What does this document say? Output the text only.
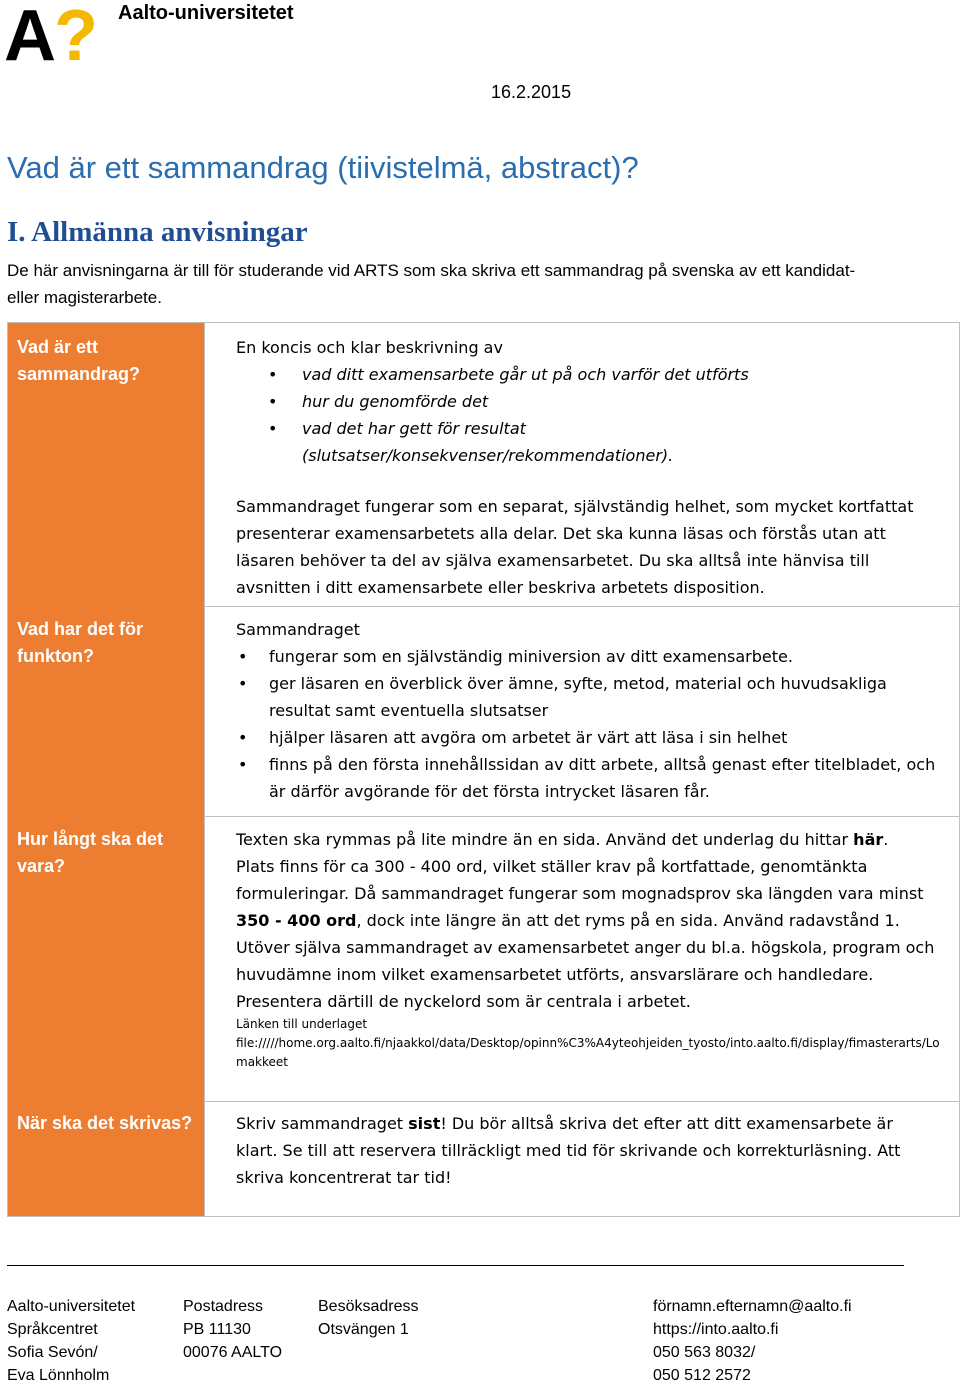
A
? Aalto-universitetet
16.2.2015
Vad är ett sammandrag (tiivistelmä, abstract)?
I. Allmänna anvisningar
De här anvisningarna är till för studerande vid ARTS som ska skriva ett sammandrag på svenska av ett kandidat- eller magisterarbete.
Vad är ett sammandrag?

En koncis och klar beskrivning av

• vad ditt examensarbete går ut på och varför det utförts
• hur du genomförde det
• vad det har gett för resultat (slutsatser/konsekvenser/rekommendationer).

Sammandraget fungerar som en separat, självständig helhet, som mycket kortfattat presenterar examensarbetets alla delar. Det ska kunna läsas och förstås utan att läsaren behöver ta del av själva examensarbetet. Du ska alltså inte hänvisa till avsnitten i ditt examensarbete eller beskriva arbetets disposition.

Vad har det för funkton?

Sammandraget

• fungerar som en självständig miniversion av ditt examensarbete.
• ger läsaren en överblick över ämne, syfte, metod, material och huvudsakliga resultat samt eventuella slutsatser
• hjälper läsaren att avgöra om arbetet är värt att läsa i sin helhet
• finns på den första innehållssidan av ditt arbete, alltså genast efter titelbladet, och är därför avgörande för det första intrycket läsaren får.
Hur långt ska det vara?

Texten ska rymmas på lite mindre än en sida. Använd det underlag du hittar här.

Plats finns för ca 300 - 400 ord, vilket ställer krav på kortfattade, genomtänkta formuleringar. Då sammandraget fungerar som mognadsprov ska längden vara minst 350 - 400 ord, dock inte längre än att det ryms på en sida. Använd radavstånd 1.

Utöver själva sammandraget av examensarbetet anger du bl.a. högskola, program och huvudämne inom vilket examensarbetet utförts, ansvarslärare och handledare. Presentera därtill de nyckelord som är centrala i arbetet.

Länken till underlaget

file://///home.org.aalto.fi/njaakkol/data/Desktop/opinn%C3%A4yteohjeiden_tyosto/into.aalto.fi/display/fimasterarts/Lomakkeet

När ska det skrivas?	Skriv sammandraget sist! Du bör alltså skriva det efter att ditt examensarbete är klart. Se till att reservera tillräckligt med tid för skrivande och korrekturläsning. Att skriva koncentrerat tar tid!

Aalto-universitetet
Språkcentret
Sofia Sevón/
Eva Lönnholm
Postadress
PB 11130
00076 AALTO
Besöksadress
Otsvängen 1
förnamn.efternamn@aalto.fi
https://into.aalto.fi
050 563 8032/
050 512 2572
